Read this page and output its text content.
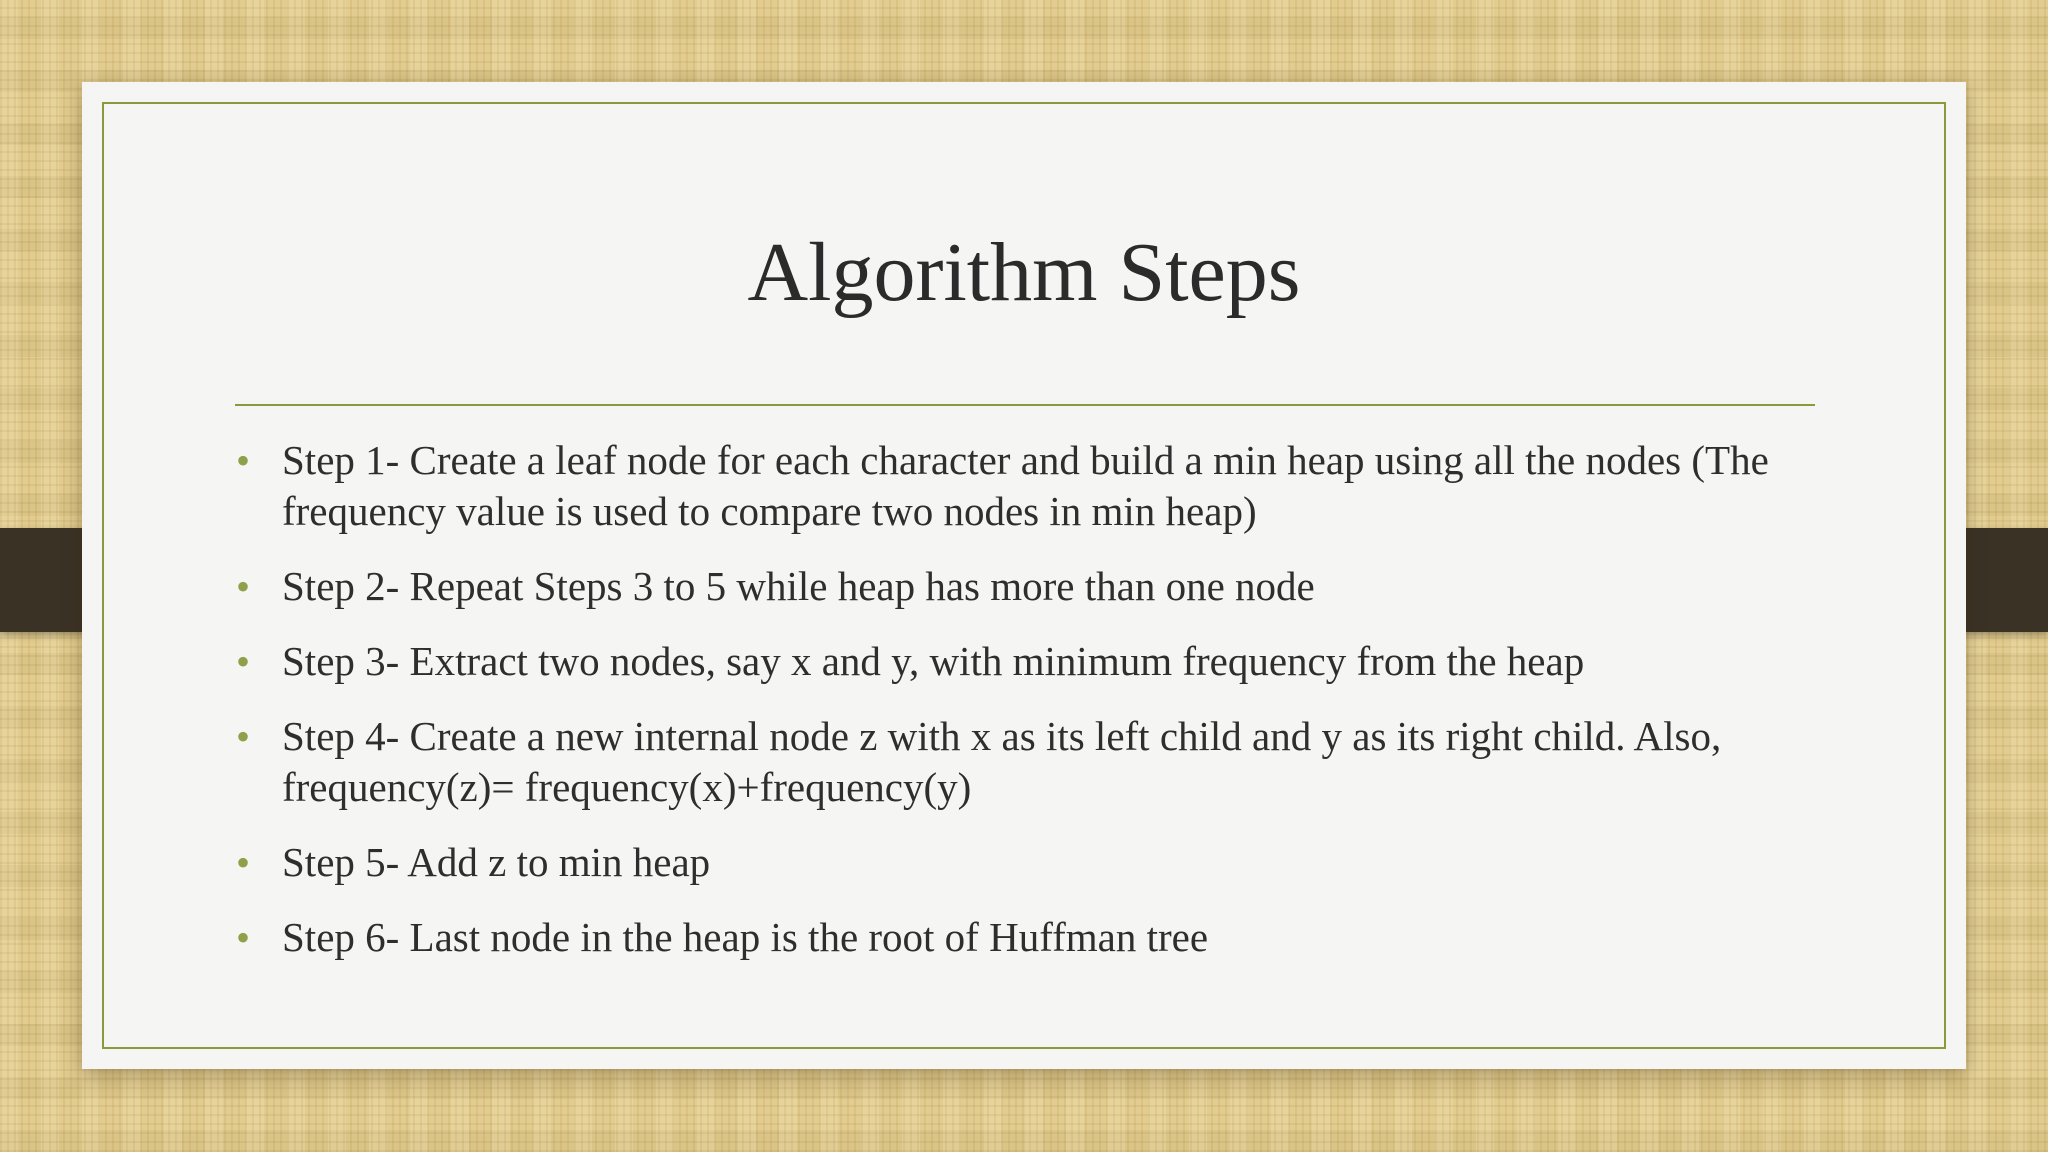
Algorithm Steps
• Step 1- Create a leaf node for each character and build a min heap using all the nodes (The frequency value is used to compare two nodes in min heap)
• Step 2- Repeat Steps 3 to 5 while heap has more than one node
• Step 3- Extract two nodes, say x and y, with minimum frequency from the heap
• Step 4- Create a new internal node z with x as its left child and y as its right child. Also, frequency(z)= frequency(x)+frequency(y)
• Step 5- Add z to min heap
• Step 6- Last node in the heap is the root of Huffman tree
